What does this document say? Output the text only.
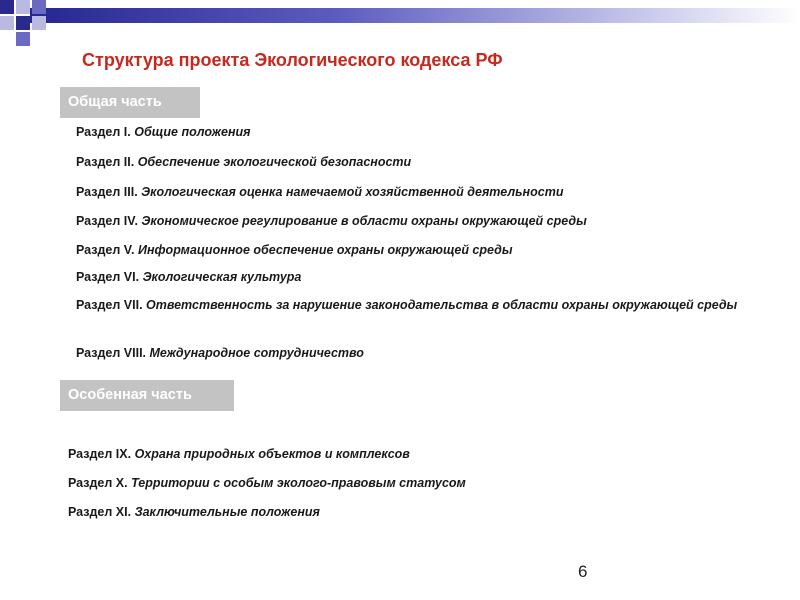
Структура проекта Экологического кодекса РФ
Общая часть
Раздел I. Общие положения
Раздел II. Обеспечение экологической безопасности
Раздел III. Экологическая оценка намечаемой хозяйственной деятельности
Раздел IV. Экономическое регулирование в области охраны окружающей среды
Раздел V. Информационное обеспечение охраны окружающей среды
Раздел VI. Экологическая культура
Раздел VII. Ответственность за нарушение законодательства в области охраны окружающей среды
Раздел VIII. Международное сотрудничество
Особенная часть
Раздел IX. Охрана природных объектов и комплексов
Раздел X. Территории с особым эколого-правовым статусом
Раздел XI. Заключительные положения
6
